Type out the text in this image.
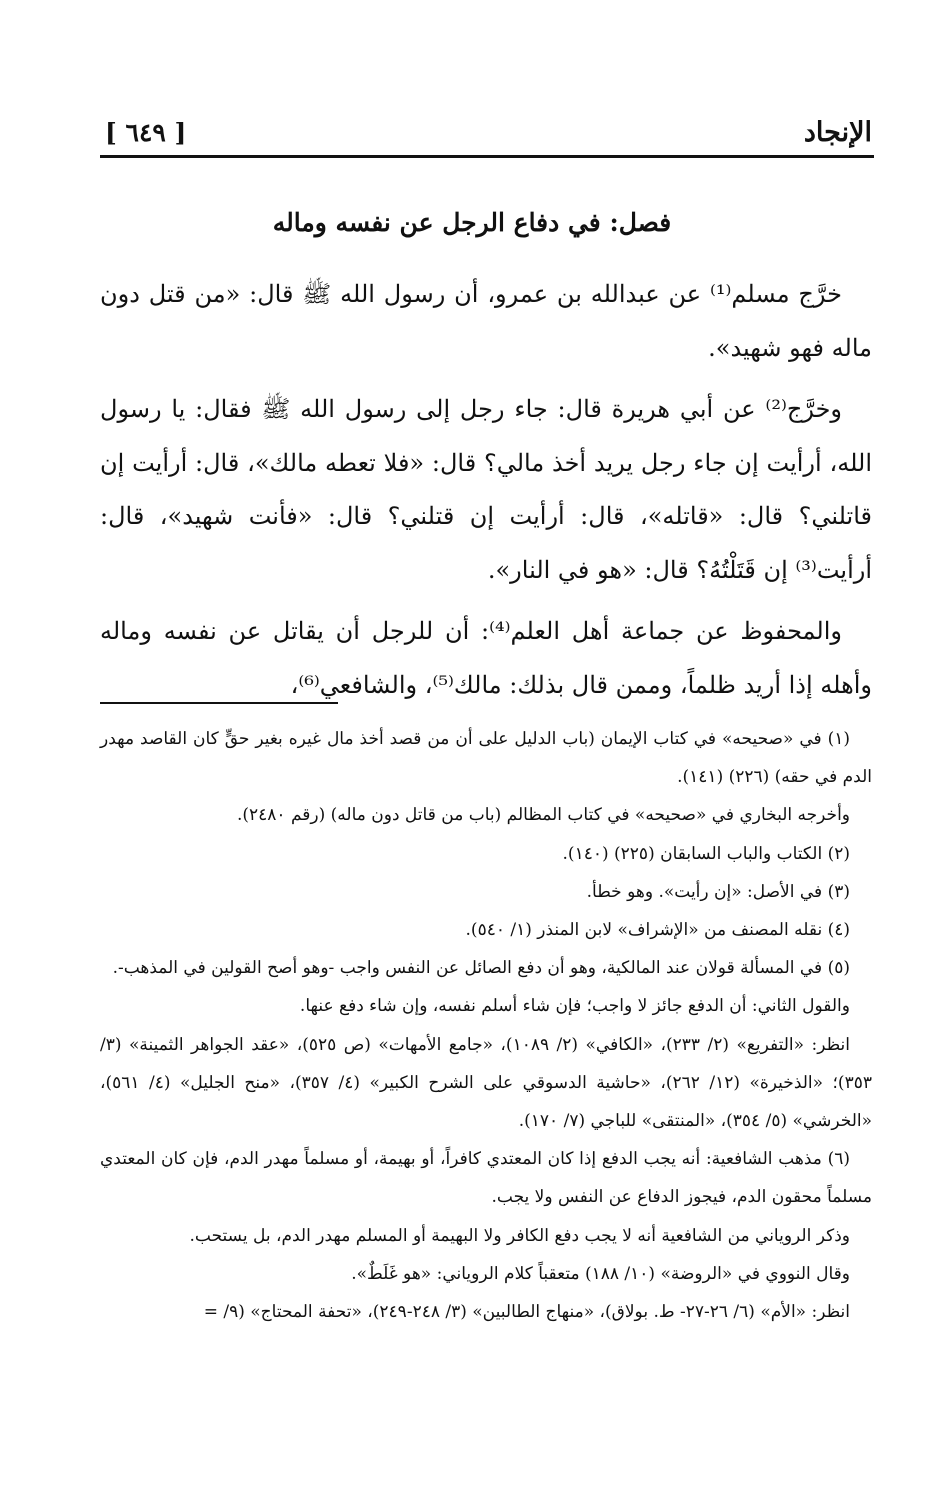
الإنجاد
[ ٦٤٩ ]
فصل: في دفاع الرجل عن نفسه وماله

خرَّج مسلم⁽¹⁾ عن عبدالله بن عمرو، أن رسول الله ﷺ قال: «من قتل دون ماله فهو شهيد».

وخرَّج⁽²⁾ عن أبي هريرة قال: جاء رجل إلى رسول الله ﷺ فقال: يا رسول الله، أرأيت إن جاء رجل يريد أخذ مالي؟ قال: «فلا تعطه مالك»، قال: أرأيت إن قاتلني؟ قال: «قاتله»، قال: أرأيت إن قتلني؟ قال: «فأنت شهيد»، قال: أرأيت⁽³⁾ إن قَتَلْتُهُ؟ قال: «هو في النار».

والمحفوظ عن جماعة أهل العلم⁽⁴⁾: أن للرجل أن يقاتل عن نفسه وماله وأهله إذا أريد ظلماً، وممن قال بذلك: مالك⁽⁵⁾، والشافعي⁽⁶⁾،

(١) في «صحيحه» في كتاب الإيمان (باب الدليل على أن من قصد أخذ مال غيره بغير حقٍّ كان القاصد مهدر الدم في حقه) (٢٢٦) (١٤١).

وأخرجه البخاري في «صحيحه» في كتاب المظالم (باب من قاتل دون ماله) (رقم ٢٤٨٠).

(٢) الكتاب والباب السابقان (٢٢٥) (١٤٠).

(٣) في الأصل: «إن رأيت». وهو خطأ.

(٤) نقله المصنف من «الإشراف» لابن المنذر (١/ ٥٤٠).

(٥) في المسألة قولان عند المالكية، وهو أن دفع الصائل عن النفس واجب -وهو أصح القولين في المذهب-.

والقول الثاني: أن الدفع جائز لا واجب؛ فإن شاء أسلم نفسه، وإن شاء دفع عنها.

انظر: «التفريع» (٢/ ٢٣٣)، «الكافي» (٢/ ١٠٨٩)، «جامع الأمهات» (ص ٥٢٥)، «عقد الجواهر الثمينة» (٣/ ٣٥٣)؛ «الذخيرة» (١٢/ ٢٦٢)، «حاشية الدسوقي على الشرح الكبير» (٤/ ٣٥٧)، «منح الجليل» (٤/ ٥٦١)، «الخرشي» (٥/ ٣٥٤)، «المنتقى» للباجي (٧/ ١٧٠).

(٦) مذهب الشافعية: أنه يجب الدفع إذا كان المعتدي كافراً، أو بهيمة، أو مسلماً مهدر الدم، فإن كان المعتدي مسلماً محقون الدم، فيجوز الدفاع عن النفس ولا يجب.

وذكر الروياني من الشافعية أنه لا يجب دفع الكافر ولا البهيمة أو المسلم مهدر الدم، بل يستحب.

وقال النووي في «الروضة» (١٠/ ١٨٨) متعقباً كلام الروياني: «هو غَلَطٌ».

انظر: «الأم» (٦/ ٢٦-٢٧- ط. بولاق)، «منهاج الطالبين» (٣/ ٢٤٨-٢٤٩)، «تحفة المحتاج» (٩/ =
